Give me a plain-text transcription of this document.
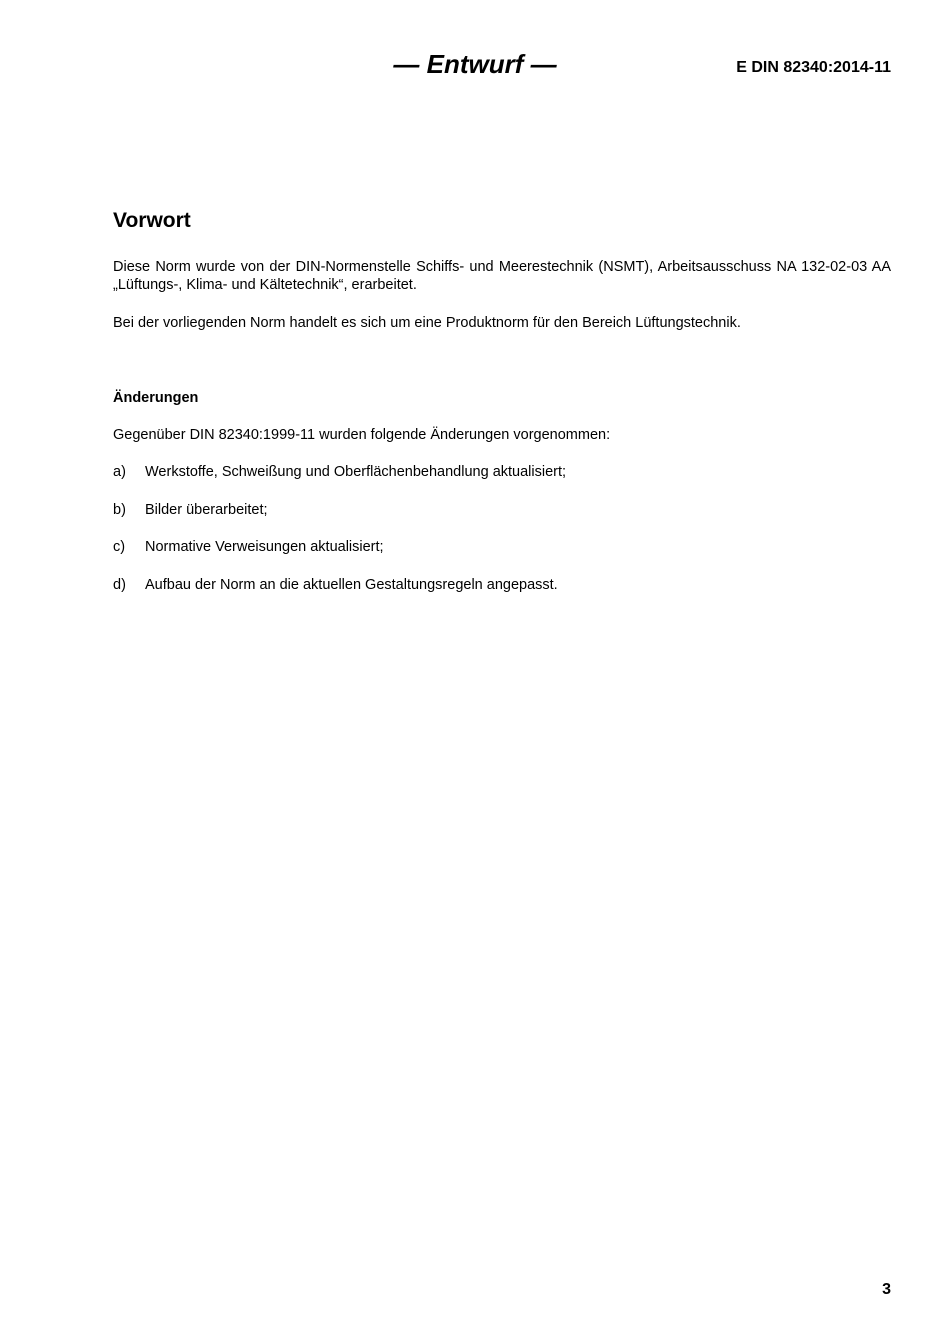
— Entwurf —	E DIN 82340:2014-11
Vorwort

Diese Norm wurde von der DIN-Normenstelle Schiffs- und Meerestechnik (NSMT), Arbeitsausschuss NA 132-02-03 AA „Lüftungs-, Klima- und Kältetechnik“, erarbeitet.

Bei der vorliegenden Norm handelt es sich um eine Produktnorm für den Bereich Lüftungstechnik.

Änderungen

Gegenüber DIN 82340:1999-11 wurden folgende Änderungen vorgenommen:

a) Werkstoffe, Schweißung und Oberflächenbehandlung aktualisiert;
b) Bilder überarbeitet;
c) Normative Verweisungen aktualisiert;
d) Aufbau der Norm an die aktuellen Gestaltungsregeln angepasst.
3
